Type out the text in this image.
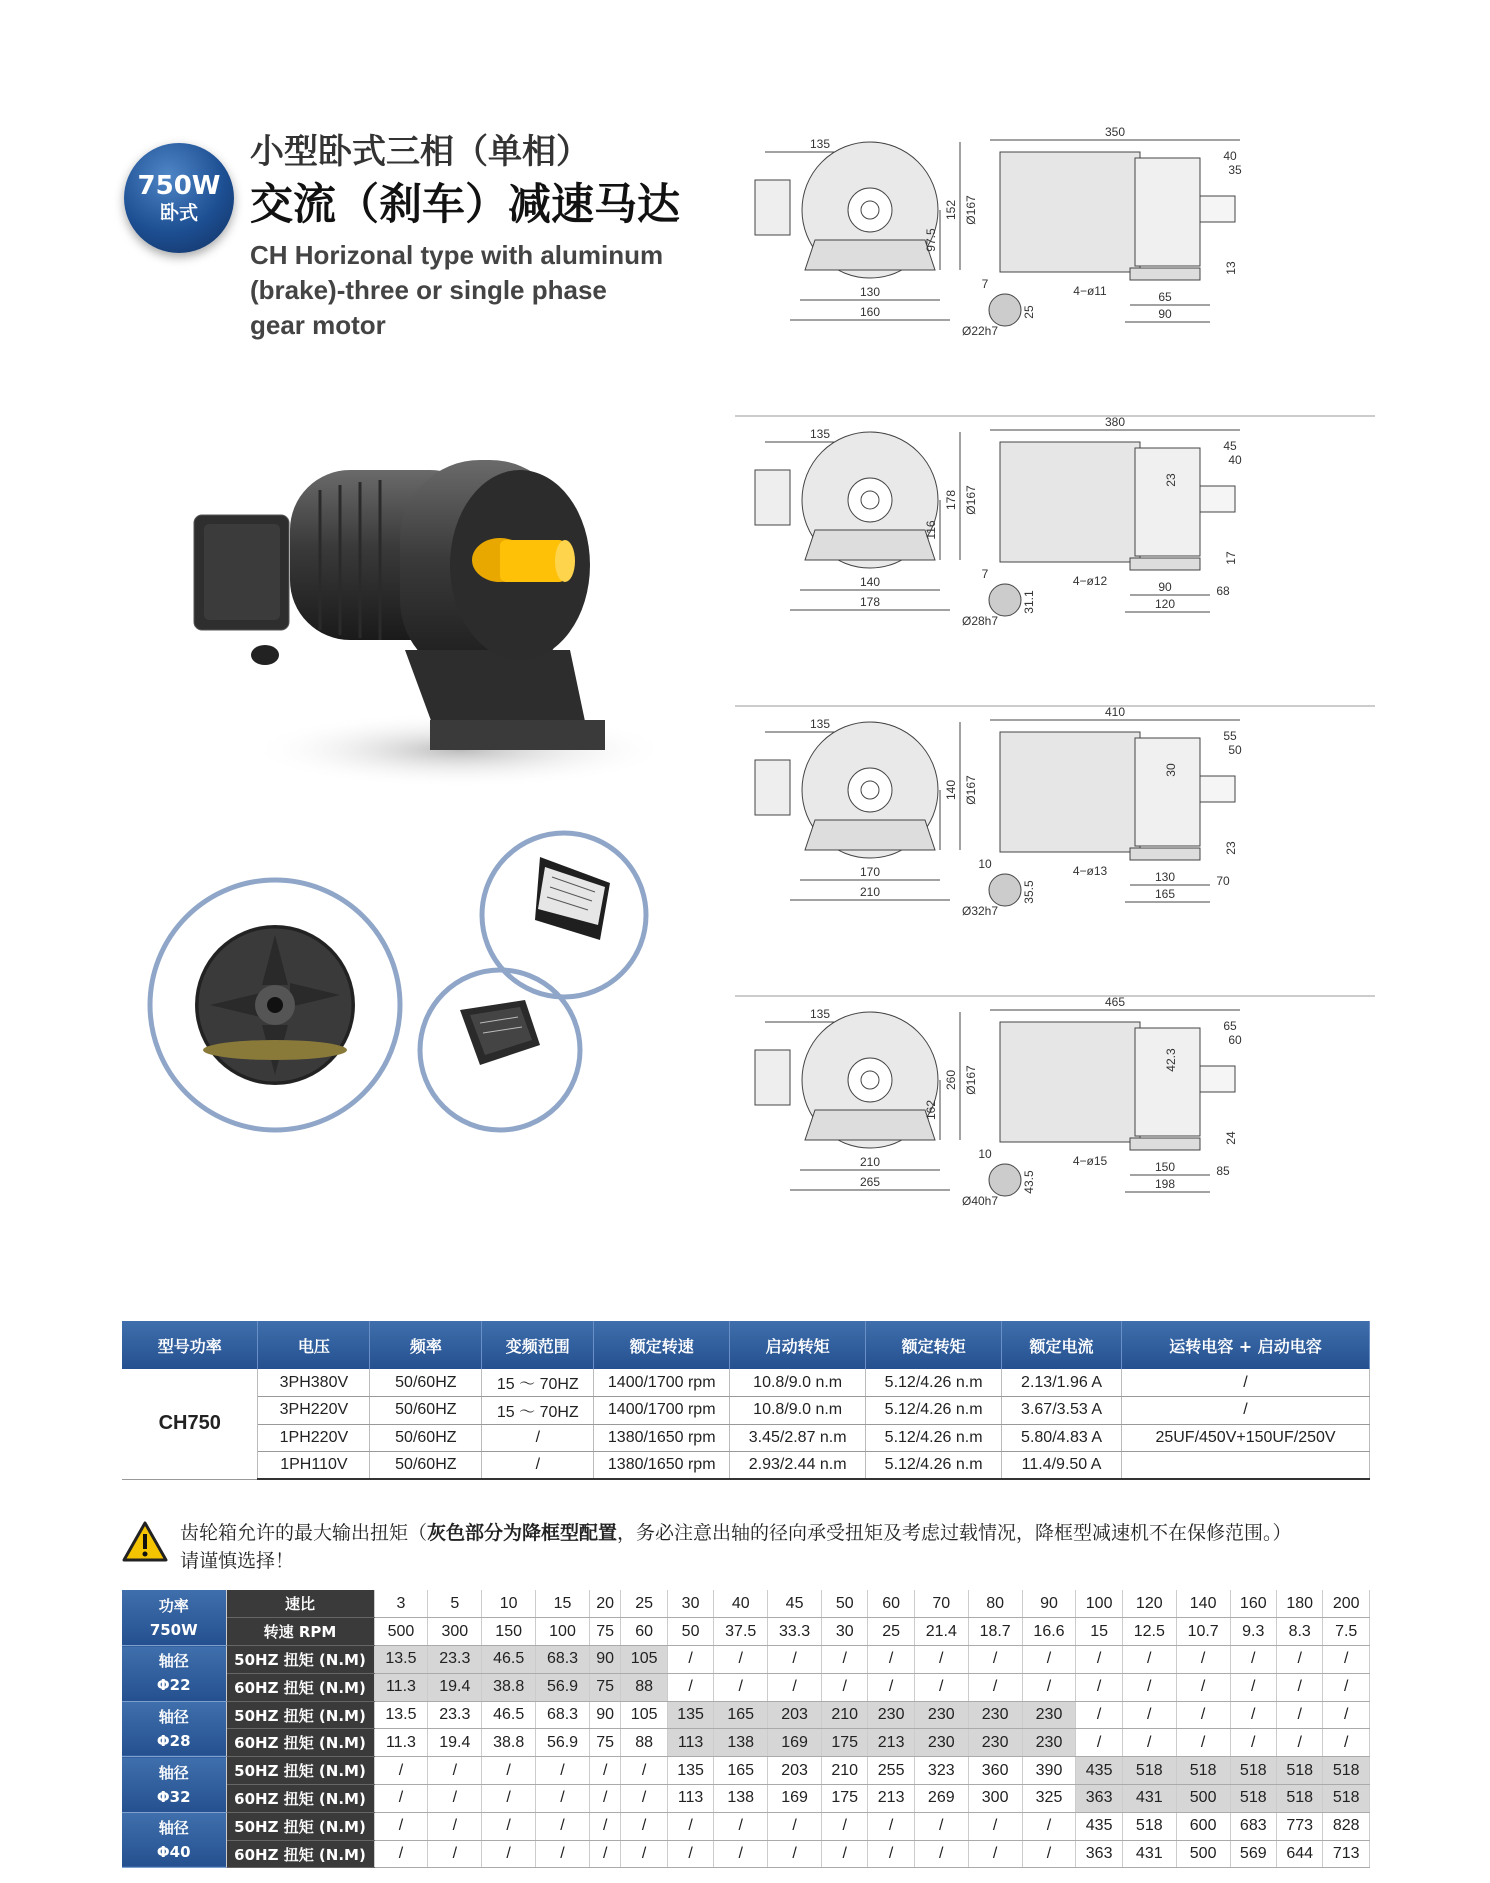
750W
卧式
小型卧式三相（单相）
交流（刹车）减速马达
CH Horizonal type with aluminum
(brake)-three or single phase
gear motor
135
130
160
97.5
152
350
Ø167
65
90
40
35
13
4−ø11
Ø22h7
7
25
135
140
178
116
178
380
Ø167
90
120
45
40
17
23
68
4−ø12
Ø28h7
7
31.1
135
170
210
140
410
Ø167
130
165
55
50
23
30
70
4−ø13
Ø32h7
10
35.5
135
210
265
162
260
465
Ø167
150
198
65
60
24
42.3
85
4−ø15
Ø40h7
10
43.5
型号功率	电压	频率	变频范围	额定转速	启动转矩	额定转矩	额定电流	运转电容 + 启动电容
CH750	3PH380V	50/60HZ	15 ～ 70HZ	1400/1700 rpm	10.8/9.0 n.m	5.12/4.26 n.m	2.13/1.96 A	/
	3PH220V	50/60HZ	15 ～ 70HZ	1400/1700 rpm	10.8/9.0 n.m	5.12/4.26 n.m	3.67/3.53 A	/
	1PH220V	50/60HZ	/	1380/1650 rpm	3.45/2.87 n.m	5.12/4.26 n.m	5.80/4.83 A	25UF/450V+150UF/250V
	1PH110V	50/60HZ	/	1380/1650 rpm	2.93/2.44 n.m	5.12/4.26 n.m	11.4/9.50 A	
齿轮箱允许的最大输出扭矩（灰色部分为降框型配置，务必注意出轴的径向承受扭矩及考虑过载情况，降框型减速机不在保修范围。）
请谨慎选择！
功率
750W	速比	3	5	10	15	20	25	30	40	45	50	60	70	80	90	100	120	140	160	180	200
	转速 RPM	500	300	150	100	75	60	50	37.5	33.3	30	25	21.4	18.7	16.6	15	12.5	10.7	9.3	8.3	7.5

轴径
Φ22	50HZ 扭矩 (N.M)	13.5	23.3	46.5	68.3	90	105	/	/	/	/	/	/	/	/	/	/	/	/	/	/
	60HZ 扭矩 (N.M)	11.3	19.4	38.8	56.9	75	88	/	/	/	/	/	/	/	/	/	/	/	/	/	/

轴径
Φ28	50HZ 扭矩 (N.M)	13.5	23.3	46.5	68.3	90	105	135	165	203	210	230	230	230	230	/	/	/	/	/	/
	60HZ 扭矩 (N.M)	11.3	19.4	38.8	56.9	75	88	113	138	169	175	213	230	230	230	/	/	/	/	/	/

轴径
Φ32	50HZ 扭矩 (N.M)	/	/	/	/	/	/	135	165	203	210	255	323	360	390	435	518	518	518	518	518
	60HZ 扭矩 (N.M)	/	/	/	/	/	/	113	138	169	175	213	269	300	325	363	431	500	518	518	518

轴径
Φ40	50HZ 扭矩 (N.M)	/	/	/	/	/	/	/	/	/	/	/	/	/	/	435	518	600	683	773	828
	60HZ 扭矩 (N.M)	/	/	/	/	/	/	/	/	/	/	/	/	/	/	363	431	500	569	644	713
